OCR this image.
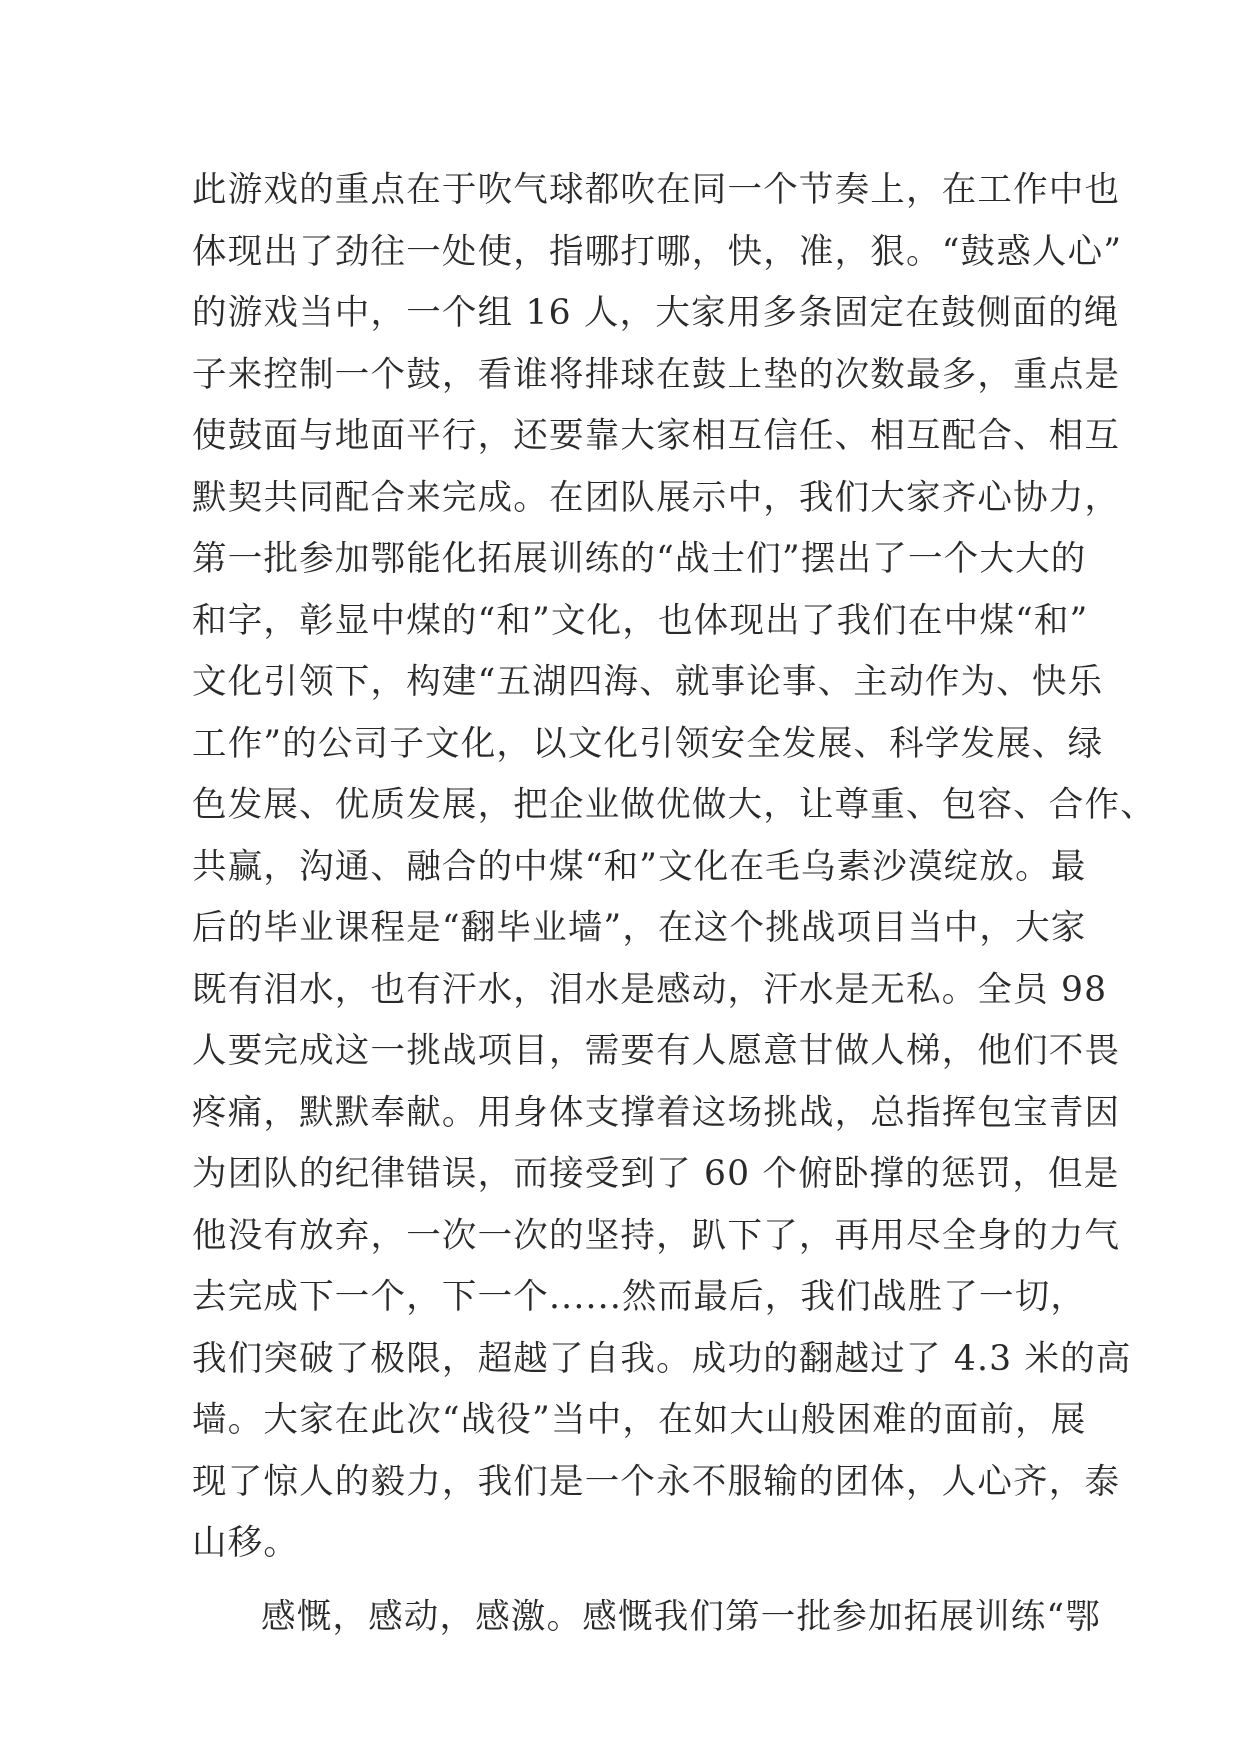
此游戏的重点在于吹气球都吹在同一个节奏上，在工作中也
体现出了劲往一处使，指哪打哪，快，准，狠。“鼓惑人心”
的游戏当中，一个组 16 人，大家用多条固定在鼓侧面的绳
子来控制一个鼓，看谁将排球在鼓上垫的次数最多，重点是
使鼓面与地面平行，还要靠大家相互信任、相互配合、相互
默契共同配合来完成。在团队展示中，我们大家齐心协力，
第一批参加鄂能化拓展训练的“战士们”摆出了一个大大的
和字，彰显中煤的“和”文化，也体现出了我们在中煤“和”
文化引领下，构建“五湖四海、就事论事、主动作为、快乐
工作”的公司子文化，以文化引领安全发展、科学发展、绿
色发展、优质发展，把企业做优做大，让尊重、包容、合作、
共赢，沟通、融合的中煤“和”文化在毛乌素沙漠绽放。最
后的毕业课程是“翻毕业墙”，在这个挑战项目当中，大家
既有泪水，也有汗水，泪水是感动，汗水是无私。全员 98
人要完成这一挑战项目，需要有人愿意甘做人梯，他们不畏
疼痛，默默奉献。用身体支撑着这场挑战，总指挥包宝青因
为团队的纪律错误，而接受到了 60 个俯卧撑的惩罚，但是
他没有放弃，一次一次的坚持，趴下了，再用尽全身的力气
去完成下一个，下一个......然而最后，我们战胜了一切，
我们突破了极限，超越了自我。成功的翻越过了 4.3 米的高
墙。大家在此次“战役”当中，在如大山般困难的面前，展
现了惊人的毅力，我们是一个永不服输的团体，人心齐，泰
山移。
感慨，感动，感激。感慨我们第一批参加拓展训练“鄂
